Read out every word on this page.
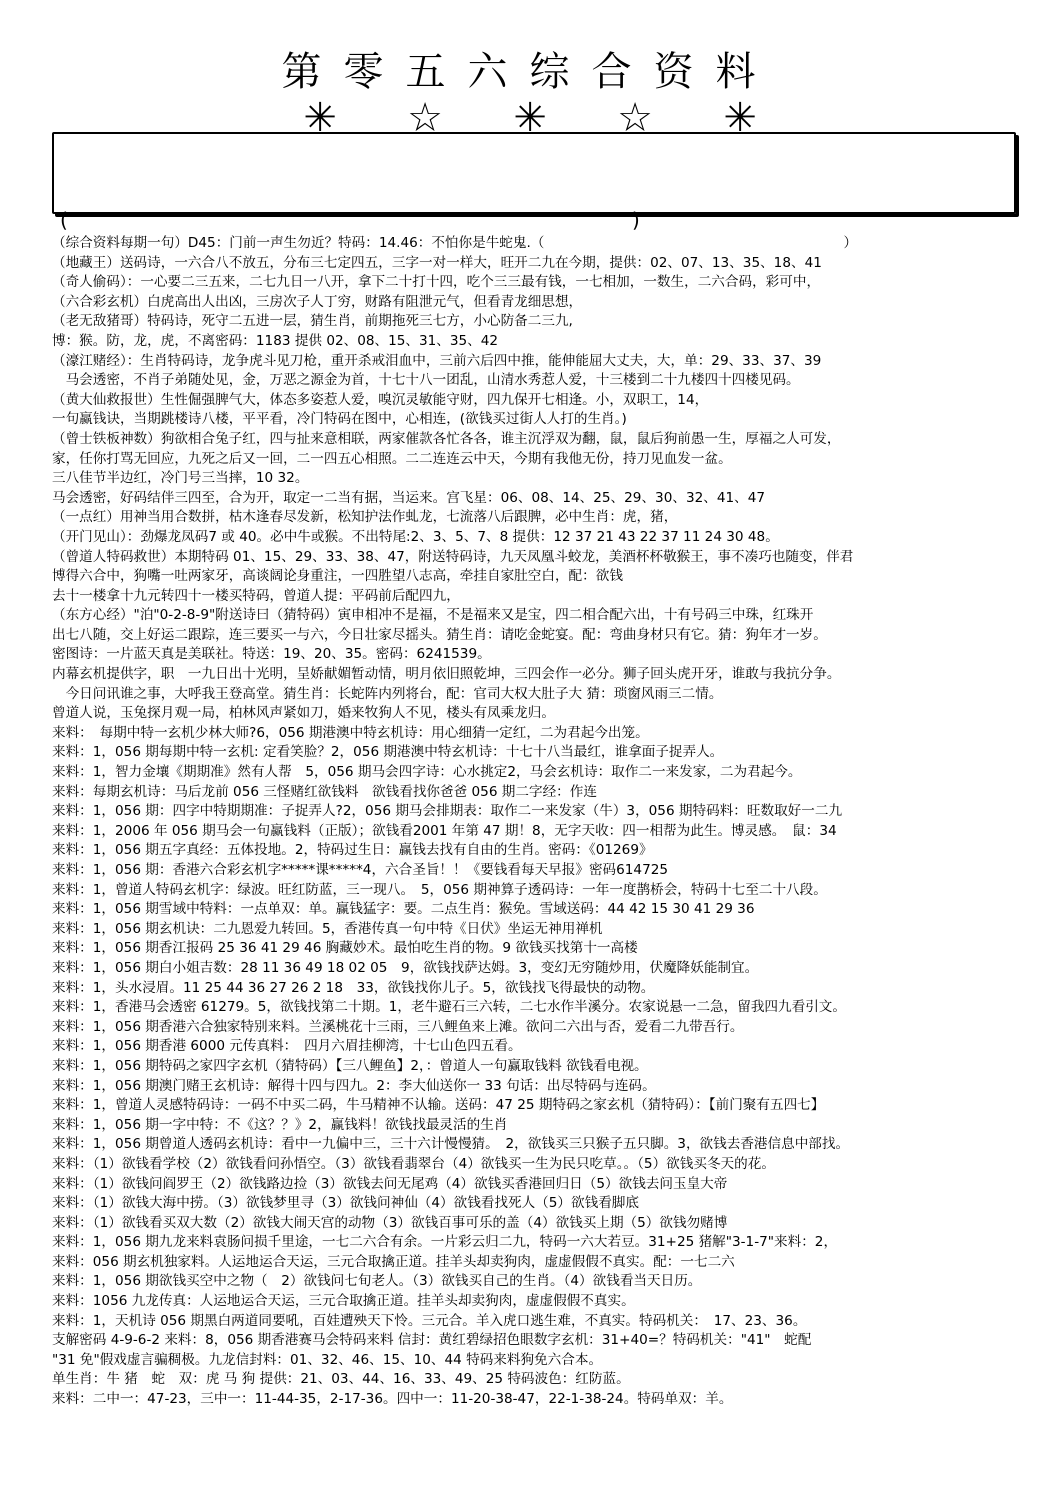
第零五六综合资料
✳	☆	✳	☆	✳
(	)
（综合资料每期一句）D45：门前一声生勿近？特码：14.46：不怕你是牛蛇鬼.（　　　　　　　　　　　　　　　　　　　　　　）
（地藏王）送码诗，一六合八不放五，分布三七定四五，三字一对一样大，旺开二九在今期，提供：02、07、13、35、18、41
（奇人偷码）：一心要二三五来，二七九日一八开，拿下二十打十四，吃个三三最有钱，一七相加，一数生，二六合码，彩可中，
（六合彩玄机）白虎高出人出凶，三房次子人丁穷，财路有阻泄元气，但看青龙细思想，
（老无敌猪哥）特码诗，死守二五进一层，猜生肖，前期拖死三七方，小心防备二三九,
博：猴。防，龙，虎，不离密码：1183 提供 02、08、15、31、35、42
（濠江赌经）：生肖特码诗，龙争虎斗见刀枪，重开杀戒泪血中，三前六后四中推，能伸能屈大丈夫，大，单：29、33、37、39
　马会透密，不肖子弟随处见，金，万恶之源金为首，十七十八一团乱，山清水秀惹人爱，十三楼到二十九楼四十四楼见码。
（黄大仙救报世）生性倔强脾气大，体态多姿惹人爱，嗅沉灵敏能守财，四九保开七相逢。小，双职工，14，
一句赢钱诀，当期跳楼诗八楼，平平看，冷门特码在图中，心相连，(欲钱买过街人人打的生肖。)
（曾士铁板神数）狗欲相合兔子红，四与扯来意相联，两家催款各忙各各，谁主沉浮双为翻，鼠，鼠后狗前愚一生，厚福之人可发，
家，任你打骂无回应，九死之后又一回，二一四五心相照。二二连连云中天，今期有我他无份，持刀见血发一盆。
三八佳节半边红，冷门号三当摔，10 32。
马会透密，好码结伴三四至，合为开，取定一二当有据，当运来。宫飞星：06、08、14、25、29、30、32、41、47
（一点红）用神当用合数拼，枯木逢春尽发新，松知护法作虬龙，七流落八后跟脾，必中生肖：虎，猪，
（开门见山）：劲爆龙凤码7 或 40。必中牛或猴。不出特尾:2、3、5、7、8 提供：12 37 21 43 22 37 11 24 30 48。
（曾道人特码救世）本期特码 01、15、29、33、38、47，附送特码诗，九天凤凰斗蛟龙，美酒杯杯敬猴王，事不凑巧也随变，伴君
博得六合中，狗嘴一吐两家牙，高谈阔论身重注，一四胜望八志高，牵挂自家肚空白，配：欲钱
去十一楼拿十九元转四十一楼买特码，曾道人提：平码前后配四九，
（东方心经）"泊"0-2-8-9"附送诗曰（猜特码）寅申相冲不是福，不是福来又是宝，四二相合配六出，十有号码三中珠，红珠开
出七八随，交上好运二跟踪，连三要买一与六，今日壮家尽摇头。猜生肖：请吃金蛇宴。配：弯曲身材只有它。猜：狗年才一岁。
密图诗：一片蓝天真是美联社。特送：19、20、35。密码：6241539。
内幕玄机提供字，职　一九日出十光明，呈娇献媚暂动情，明月依旧照乾坤，三四会作一必分。狮子回头虎开牙，谁敢与我抗分争。
　今日问讯谁之事，大呼我王登高堂。猜生肖：长蛇阵内列将台，配：官司大权大肚子大 猜：琐窗风雨三二情。
曾道人说，玉兔探月观一局，柏林风声紧如刀，婚来牧狗人不见，楼头有凤乘龙归。
来料：　每期中特一玄机少林大师?6，056 期港澳中特玄机诗：用心细猜一定红，二为君起今出笼。
来料：1，056 期每期中特一玄机: 定看笑脸？2，056 期港澳中特玄机诗：十七十八当最红，谁拿面子捉弄人。
来料：1，智力金壤《期期准》然有人帮　5，056 期马会四字诗：心水挑定2，马会玄机诗：取作二一来发家，二为君起今。
来料：每期玄机诗：马后龙前 056 三怪赌红欲钱料　欲钱看找你爸爸 056 期二字经：作连
来料：1，056 期：四字中特期期准：子捉弄人?2，056 期马会排期表：取作二一来发家（牛）3，056 期特码料：旺数取好一二九
来料：1，2006 年 056 期马会一句赢钱料（正版）；欲钱看2001 年第 47 期！8，无字天收：四一相帮为此生。博灵感。　鼠：34
来料：1，056 期五字真经：五体投地。2，特码过生日：赢钱去找有自由的生肖。密码：《01269》
来料：1，056 期：香港六合彩玄机字*****课*****4，六合圣旨！！《要钱看每天早报》密码614725
来料：1，曾道人特码玄机字：绿波。旺红防蓝，三一现八。　5，056 期神算子透码诗：一年一度鹊桥会，特码十七至二十八段。
来料：1，056 期雪域中特料：一点单双：单。赢钱猛字：要。二点生肖：猴免。雪域送码：44 42 15 30 41 29 36
来料：1，056 期玄机诀：二九恩爱九转回。5，香港传真一句中特《日伏》坐运无神用禅机
来料：1，056 期香江报码 25 36 41 29 46 胸藏妙术。最怕吃生肖的物。9 欲钱买找第十一高楼
来料：1，056 期白小姐吉数：28 11 36 49 18 02 05　9，欲钱找萨达姆。3，变幻无穷随炒用，伏魔降妖能制宜。
来料：1，头水浸眉。11 25 44 36 27 26 2 18　33，欲钱找你儿子。5，欲钱找飞得最快的动物。
来料：1，香港马会透密 61279。5，欲钱找第二十期。1，老牛避石三六转，二七水作半溪分。农家说悬一二急，留我四九看引文。
来料：1，056 期香港六合独家特别来料。兰溪桃花十三雨，三八鲤鱼来上滩。欲问二六出与否，爱看二九带吾行。
来料：1，056 期香港 6000 元传真料：　四月六眉挂柳湾，十七山色四五看。
来料：1，056 期特码之家四字玄机（猜特码）【三八鲤鱼】2，：曾道人一句赢取钱料 欲钱看电视。
来料：1，056 期澳门赌王玄机诗：解得十四与四九。2：李大仙送你一 33 句话：出尽特码与连码。
来料：1，曾道人灵感特码诗：一码不中买二码，牛马精神不认输。送码：47 25 期特码之家玄机（猜特码）：【前门聚有五四七】
来料：1，056 期一字中特：不《这？？》2，赢钱料！欲钱找最灵活的生肖
来料：1，056 期曾道人透码玄机诗：看中一九偏中三，三十六计慢慢猜。　2，欲钱买三只猴子五只脚。3，欲钱去香港信息中部找。
来料：（1）欲钱看学校（2）欲钱看问孙悟空。（3）欲钱看翡翠台（4）欲钱买一生为民只吃草。。（5）欲钱买冬天的花。
来料：（1）欲钱问阎罗王（2）欲钱路边捡（3）欲钱去问无尾鸡（4）欲钱买香港回归日（5）欲钱去问玉皇大帝
来料：（1）欲钱大海中捞。（3）欲钱梦里寻（3）欲钱问神仙（4）欲钱看找死人（5）欲钱看脚底
来料：（1）欲钱看买双大数（2）欲钱大闹天宫的动物（3）欲钱百事可乐的盖（4）欲钱买上期（5）欲钱勿赌博
来料：1，056 期九龙来料袁肠问损千里途，一七二六合有余。一片彩云归二九，特码一六大若豆。31+25 猪解"3-1-7"来料：2，
来料：056 期玄机独家料。人运地运合天运，三元合取擒正道。挂羊头却卖狗肉，虚虚假假不真实。配：一七二六
来料：1，056 期欲钱买空中之物（　2）欲钱问七旬老人。（3）欲钱买自己的生肖。（4）欲钱看当天日历。
来料：1056 九龙传真：人运地运合天运，三元合取擒正道。挂羊头却卖狗肉，虚虚假假不真实。
来料：1，天机诗 056 期黑白两道同要吼，百娃遭殃天下怜。三元合。羊入虎口逃生难，不真实。特码机关：　17、23、36。
支解密码 4-9-6-2 来料：8，056 期香港赛马会特码来料 信封：黄红碧绿招色眼数字玄机：31+40=？特码机关："41"　蛇配
"31 免"假戏虚言骗稠极。九龙信封料：01、32、46、15、10、44 特码来料狗免六合本。
单生肖：牛 猪　蛇　双：虎 马 狗 提供：21、03、44、16、33、49、25 特码波色：红防蓝。
来料：二中一：47-23，三中一：11-44-35，2-17-36。四中一：11-20-38-47，22-1-38-24。特码单双：羊。
